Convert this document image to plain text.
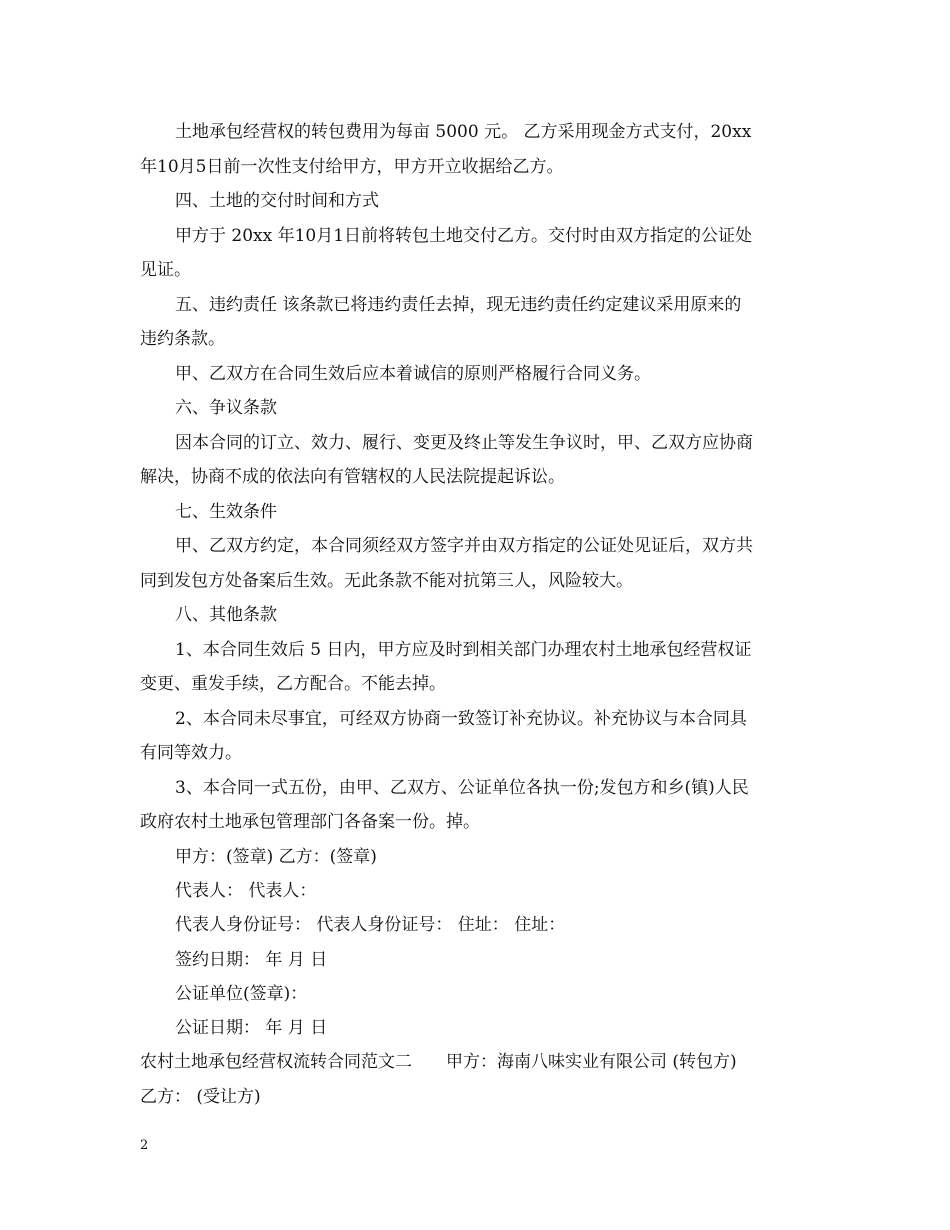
土地承包经营权的转包费用为每亩 5000 元。 乙方采用现金方式支付，20xx
年10月5日前一次性支付给甲方，甲方开立收据给乙方。
四、土地的交付时间和方式
甲方于 20xx 年10月1日前将转包土地交付乙方。交付时由双方指定的公证处
见证。
五、违约责任 该条款已将违约责任去掉，现无违约责任约定建议采用原来的
违约条款。
甲、乙双方在合同生效后应本着诚信的原则严格履行合同义务。
六、争议条款
因本合同的订立、效力、履行、变更及终止等发生争议时，甲、乙双方应协商
解决，协商不成的依法向有管辖权的人民法院提起诉讼。
七、生效条件
甲、乙双方约定，本合同须经双方签字并由双方指定的公证处见证后，双方共
同到发包方处备案后生效。无此条款不能对抗第三人，风险较大。
八、其他条款
1、本合同生效后 5 日内，甲方应及时到相关部门办理农村土地承包经营权证
变更、重发手续，乙方配合。不能去掉。
2、本合同未尽事宜，可经双方协商一致签订补充协议。补充协议与本合同具
有同等效力。
3、本合同一式五份，由甲、乙双方、公证单位各执一份;发包方和乡(镇)人民
政府农村土地承包管理部门各备案一份。掉。
甲方：(签章) 乙方：(签章)
代表人： 代表人：
代表人身份证号： 代表人身份证号： 住址： 住址：
签约日期： 年 月 日
公证单位(签章)：
公证日期： 年 月 日
农村土地承包经营权流转合同范文二　　甲方：海南八味实业有限公司 (转包方)
乙方： (受让方)
2
